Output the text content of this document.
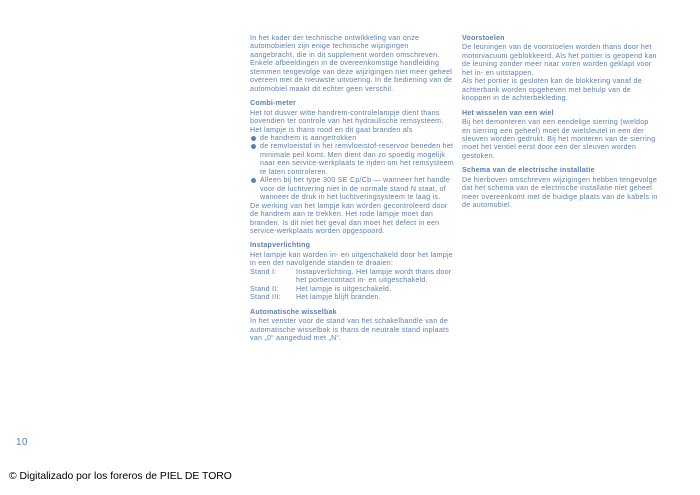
In het kader der technische ontwikkeling van onze automobielen zijn enige technische wijzigingen aangebracht, die in dit supplement worden omschreven. Enkele afbeeldingen in de overeenkomstige handleiding stemmen tengevolge van deze wijzigingen niet meer geheel overeen met de nieuwste uitvoering. In de bediening van de automobiel maakt dit echter geen verschil.

Combi-meter

Het tot dusver witte handrem-controlelampje dient thans bovendien ter controle van het hydraulische remsysteem. Het lampje is thans rood en dit gaat branden als

de handrem is aangetrokken
de remvloeistof in het remvloeistof-reservoir beneden het minimale peil komt. Men dient dan zo spoedig mogelijk naar een service-werkplaats te rijden om het remsysteem te laten controleren.
Alleen bij het type 300 SE Cp/Cb — wanneer het handle voor de luchtvering niet in de normale stand N staat, of wanneer de druk in het luchtveringsysteem te laag is.

De werking van het lampje kan worden gecontroleerd door de handrem aan te trekken. Het rode lampje moet dan branden. Is dit niet het geval dan moet het defect in een service-werkplaats worden opgespoord.

Instapverlichting

Het lampje kan worden in- en uitgeschakeld door het lampje in een der navolgende standen te draaien:

Stand I:	Instapverlichting. Het lampje wordt thans door het portiercontact in- en uitgeschakeld.
Stand II:	Het lampje is uitgeschakeld.
Stand III:	Het lampje blijft branden.

Automatische wisselbak

In het venster voor de stand van het schakelhandle van de automatische wisselbak is thans de neutrale stand inplaats van „0“ aangeduid met „N“.

Voorstoelen

De leuningen van de voorstoelen worden thans door het motorvacuum geblokkeerd. Als het portier is geopend kan de leuning zonder meer naar voren worden geklapt voor het in- en uitstappen.

Als het portier is gesloten kan de blokkering vanaf de achterbank worden opgeheven met behulp van de knoppen in de achterbekleding.

Het wisselen van een wiel

Bij het demonteren van een eendelige sierring (wieldop en sierring een geheel) moet de wielsleutel in een der sleuven worden gedrukt. Bij het monteren van de sierring moet het ventiel eerst door een der sleuven worden gestoken.

Schema van de electrische installatie

De hierboven omschreven wijzigingen hebben tengevolge dat het schema van de electrische installatie niet geheel meer overeenkomt met de huidige plaats van de kabels in de automobiel.

10
© Digitalizado por los foreros de PIEL DE TORO
